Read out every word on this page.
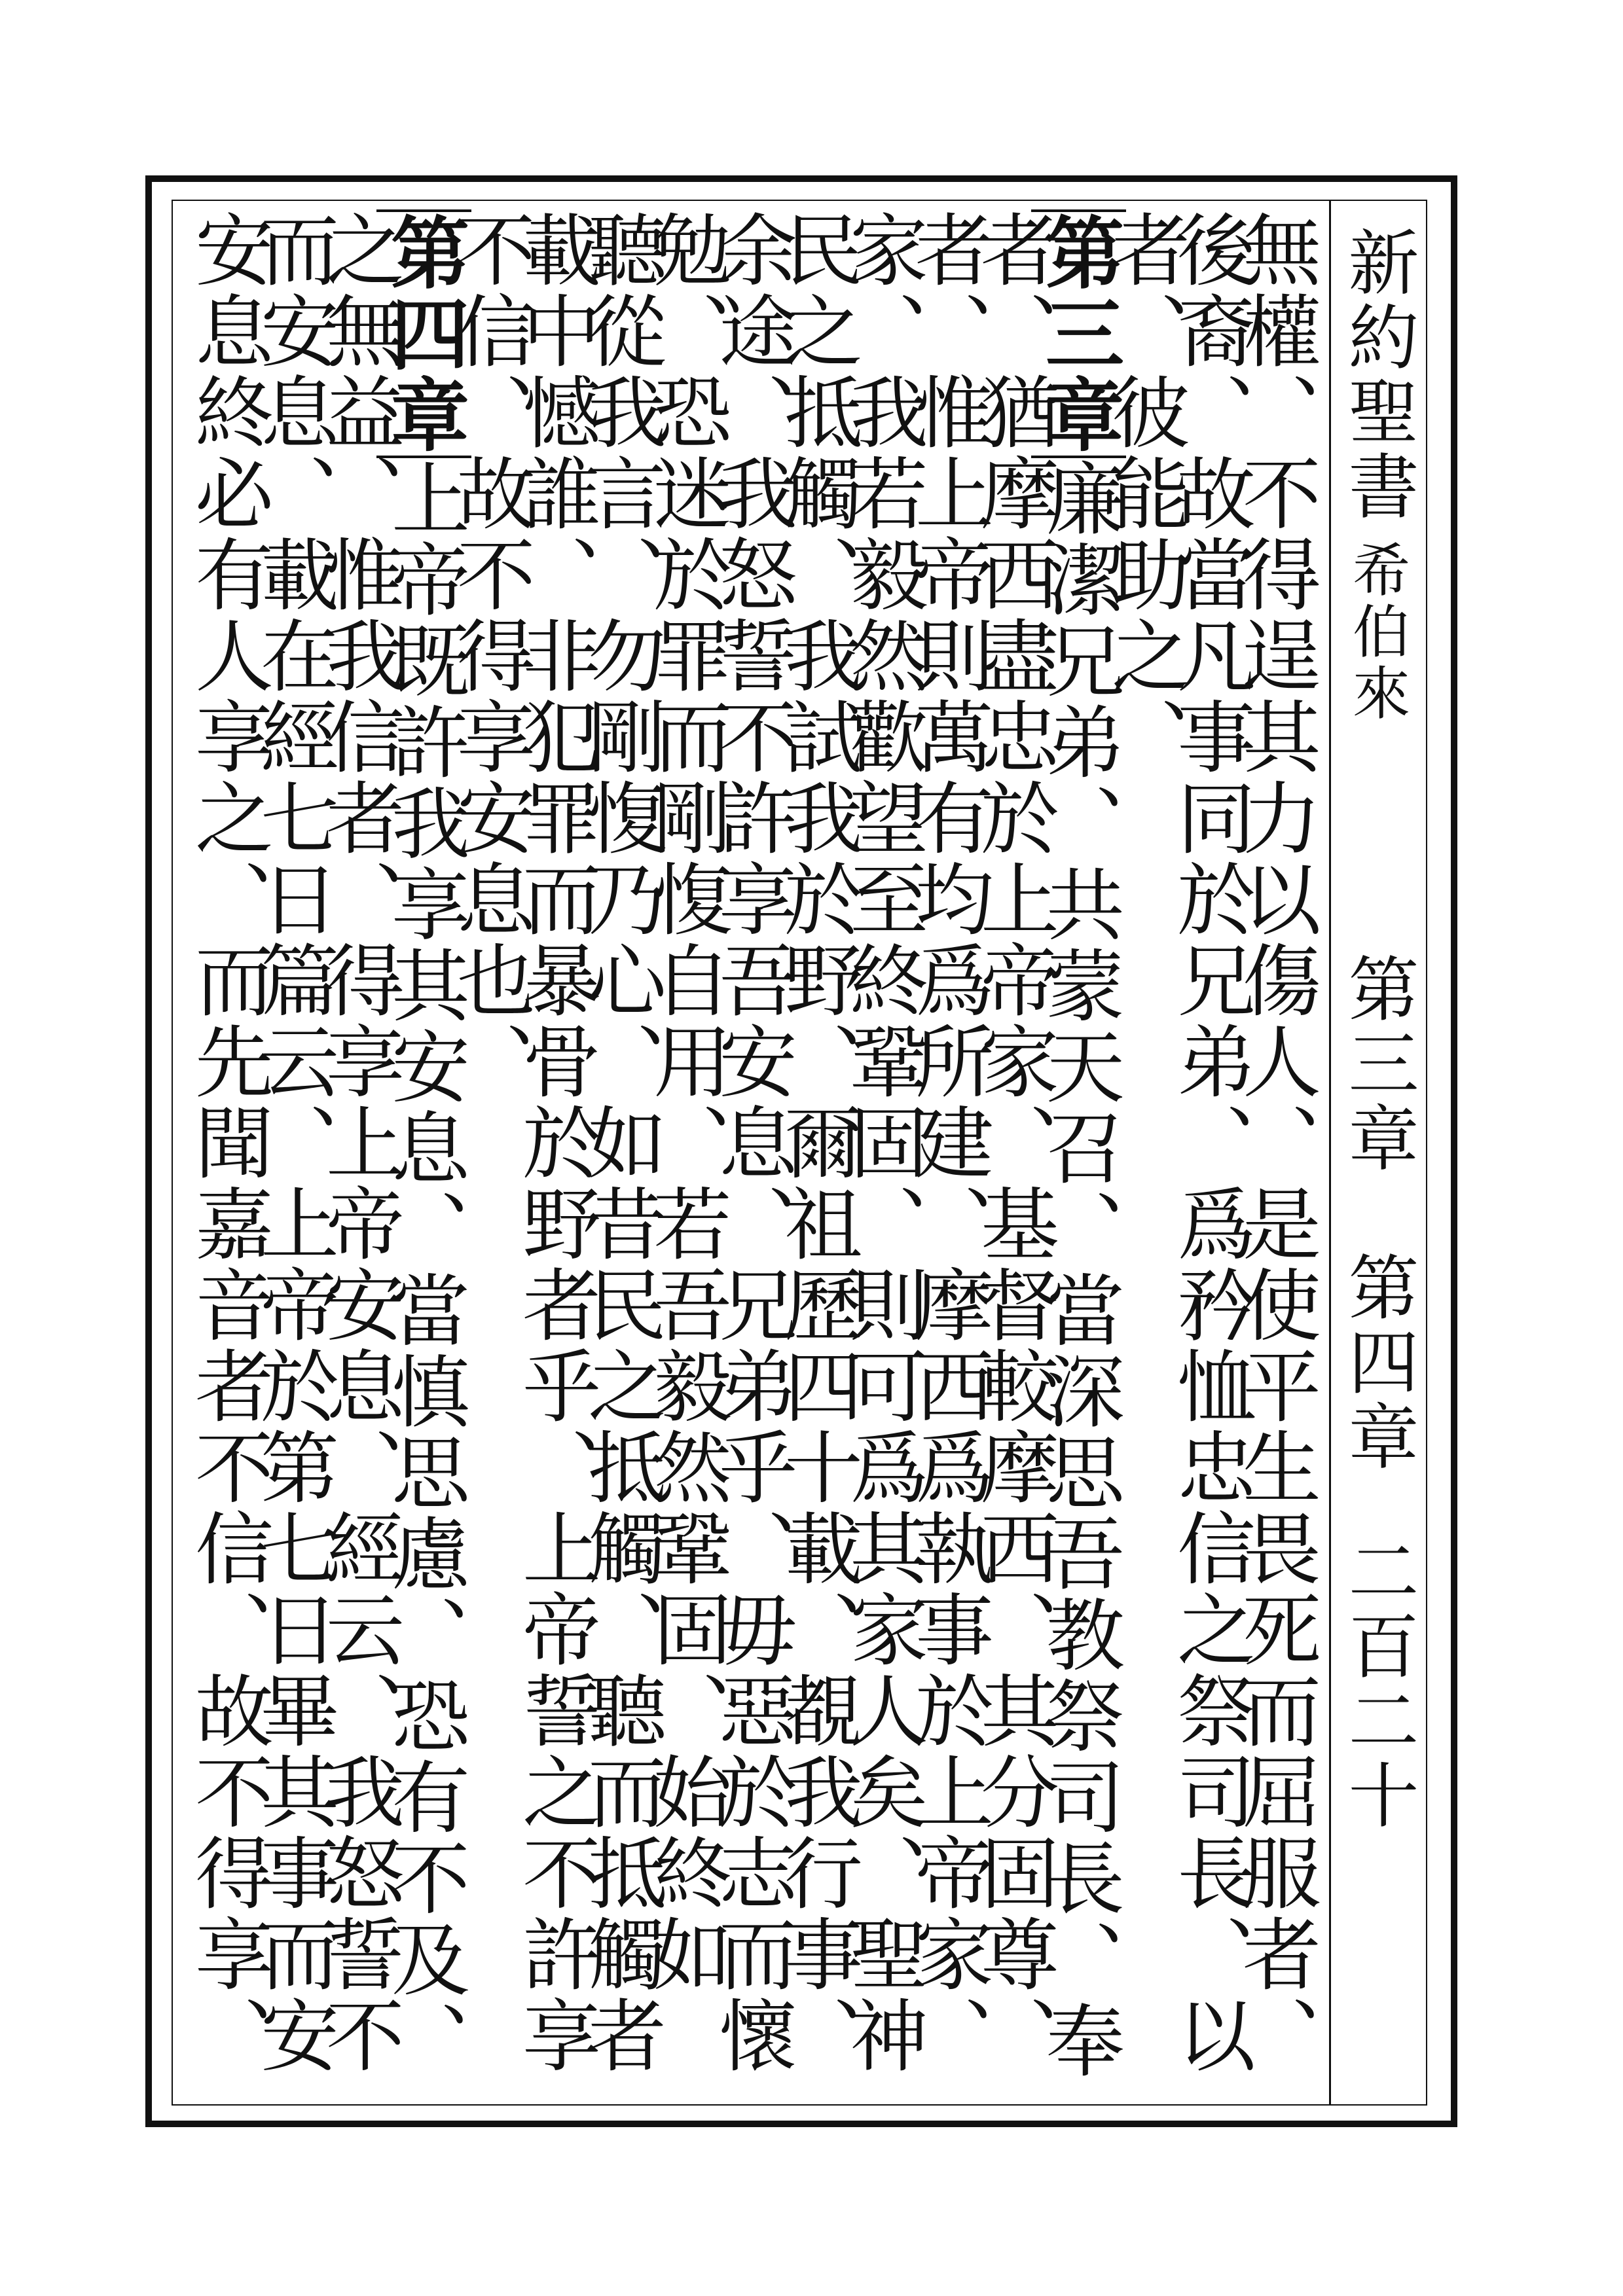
新約聖書
希伯來
第三章　第四章
二百二十
無權、不得逞其力以傷人、是使平生畏死而屈服者、
後裔、故當凡事同於兄弟、爲矜恤忠信之祭司長、以
者、彼能助之、
第三章廉潔兄弟、共蒙天召、當深思吾教祭司長、奉
者、猶摩西盡忠於上帝家、基督較摩西、其分固尊、
者、惟上帝則萬有均爲所建、摩西爲執事於上帝家、
家、我若毅然歡望至終鞏固、則可爲其家人矣、聖神
民之抵觸、我試我於野、爾祖歷四十載、覩我行事、
余途、我怒誓不許享吾安息、兄弟乎、毋惡於志而懷
勉、恐迷於罪而剛愎自用、若吾毅然鞏固、始終如
聽從我言、勿剛愎乃心、如昔民之抵觸、聽而抵觸者
載中憾誰、非犯罪而暴骨於野者乎、上帝誓之不許享
不信、故不得享安息也、
第四章上帝既許我享其安息、當慎思慮、恐有不及、
之無益、惟我信者、得享上帝安息、經云、我怒誓不
而安息、載在經七日篇云、上帝於第七日畢其事而安
安息終必有人享之、而先聞嘉音者不信、故不得享、
